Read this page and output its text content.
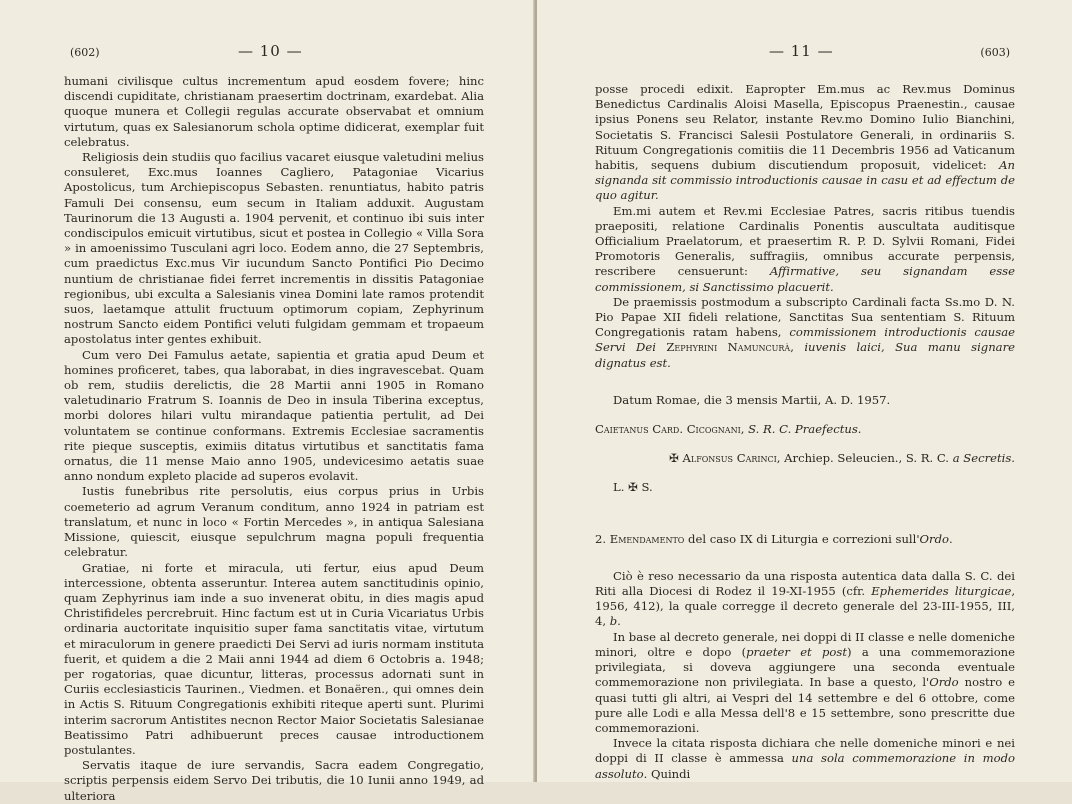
(602)	— 10 —

humani civilisque cultus incrementum apud eosdem fovere; hinc discendi cupiditate, christianam praesertim doctrinam, exardebat. Alia quoque munera et Collegii regulas accurate observabat et omnium virtutum, quas ex Salesianorum schola optime didicerat, exemplar fuit celebratus.

Religiosis dein studiis quo facilius vacaret eiusque valetudini melius consuleret, Exc.mus Ioannes Cagliero, Patagoniae Vicarius Apostolicus, tum Archiepiscopus Sebasten. renuntiatus, habito patris Famuli Dei consensu, eum secum in Italiam adduxit. Augustam Taurinorum die 13 Augusti a. 1904 pervenit, et continuo ibi suis inter condiscipulos emicuit virtutibus, sicut et postea in Collegio « Villa Sora » in amoenissimo Tusculani agri loco. Eodem anno, die 27 Septembris, cum praedictus Exc.mus Vir iucundum Sancto Pontifici Pio Decimo nuntium de christianae fidei ferret incrementis in dissitis Patagoniae regionibus, ubi exculta a Salesianis vinea Domini late ramos protendit suos, laetamque attulit fructuum optimorum copiam, Zephyrinum nostrum Sancto eidem Pontifici veluti fulgidam gemmam et tropaeum apostolatus inter gentes exhibuit.

Cum vero Dei Famulus aetate, sapientia et gratia apud Deum et homines proficeret, tabes, qua laborabat, in dies ingravescebat. Quam ob rem, studiis derelictis, die 28 Martii anni 1905 in Romano valetudinario Fratrum S. Ioannis de Deo in insula Tiberina exceptus, morbi dolores hilari vultu mirandaque patientia pertulit, ad Dei voluntatem se continue conformans. Extremis Ecclesiae sacramentis rite pieque susceptis, eximiis ditatus virtutibus et sanctitatis fama ornatus, die 11 mense Maio anno 1905, undevicesimo aetatis suae anno nondum expleto placide ad superos evolavit.

Iustis funebribus rite persolutis, eius corpus prius in Urbis coemeterio ad agrum Veranum conditum, anno 1924 in patriam est translatum, et nunc in loco « Fortin Mercedes », in antiqua Salesiana Missione, quiescit, eiusque sepulchrum magna populi frequentia celebratur.

Gratiae, ni forte et miracula, uti fertur, eius apud Deum intercessione, obtenta asseruntur. Interea autem sanctitudinis opinio, quam Zephyrinus iam inde a suo invenerat obitu, in dies magis apud Christifideles percrebruit. Hinc factum est ut in Curia Vicariatus Urbis ordinaria auctoritate inquisitio super fama sanctitatis vitae, virtutum et miraculorum in genere praedicti Dei Servi ad iuris normam instituta fuerit, et quidem a die 2 Maii anni 1944 ad diem 6 Octobris a. 1948; per rogatorias, quae dicuntur, litteras, processus adornati sunt in Curiis ecclesiasticis Taurinen., Viedmen. et Bonaëren., qui omnes dein in Actis S. Rituum Congregationis exhibiti riteque aperti sunt. Plurimi interim sacrorum Antistites necnon Rector Maior Societatis Salesianae Beatissimo Patri adhibuerunt preces causae introductionem postulantes.

Servatis itaque de iure servandis, Sacra eadem Congregatio, scriptis perpensis eidem Servo Dei tributis, die 10 Iunii anno 1949, ad ulteriora

— 11 —	(603)

posse procedi edixit. Eapropter Em.mus ac Rev.mus Dominus Benedictus Cardinalis Aloisi Masella, Episcopus Praenestin., causae ipsius Ponens seu Relator, instante Rev.mo Domino Iulio Bianchini, Societatis S. Francisci Salesii Postulatore Generali, in ordinariis S. Rituum Congregationis comitiis die 11 Decembris 1956 ad Vaticanum habitis, sequens dubium discutiendum proposuit, videlicet: An signanda sit commissio introductionis causae in casu et ad effectum de quo agitur.

Em.mi autem et Rev.mi Ecclesiae Patres, sacris ritibus tuendis praepositi, relatione Cardinalis Ponentis auscultata auditisque Officialium Praelatorum, et praesertim R. P. D. Sylvii Romani, Fidei Promotoris Generalis, suffragiis, omnibus accurate perpensis, rescribere censuerunt: Affirmative, seu signandam esse commissionem, si Sanctissimo placuerit.

De praemissis postmodum a subscripto Cardinali facta Ss.mo D. N. Pio Papae XII fideli relatione, Sanctitas Sua sententiam S. Rituum Congregationis ratam habens, commissionem introductionis causae Servi Dei Zephyrini Namuncurà, iuvenis laici, Sua manu signare dignatus est.

Datum Romae, die 3 mensis Martii, A. D. 1957.

Caietanus Card. Cicognani, S. R. C. Praefectus.

✠ Alfonsus Carinci, Archiep. Seleucien., S. R. C. a Secretis.

L. ✠ S.

2. Emendamento del caso IX di Liturgia e correzioni sull'Ordo.

Ciò è reso necessario da una risposta autentica data dalla S. C. dei Riti alla Diocesi di Rodez il 19-XI-1955 (cfr. Ephemerides liturgicae, 1956, 412), la quale corregge il decreto generale del 23-III-1955, III, 4, b.

In base al decreto generale, nei doppi di II classe e nelle domeniche minori, oltre e dopo (praeter et post) a una commemorazione privilegiata, si doveva aggiungere una seconda eventuale commemorazione non privilegiata. In base a questo, l'Ordo nostro e quasi tutti gli altri, ai Vespri del 14 settembre e del 6 ottobre, come pure alle Lodi e alla Messa dell'8 e 15 settembre, sono prescritte due commemorazioni.

Invece la citata risposta dichiara che nelle domeniche minori e nei doppi di II classe è ammessa una sola commemorazione in modo assoluto. Quindi
